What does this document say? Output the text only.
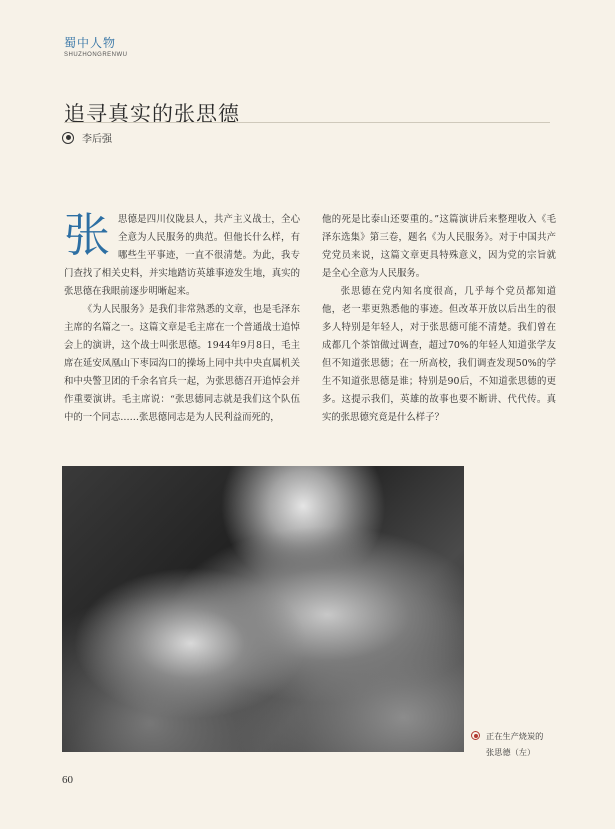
蜀中人物
SHUZHONGRENWU
追寻真实的张思德
李后强

张思德是四川仪陇县人，共产主义战士，全心全意为人民服务的典范。但他长什么样，有哪些生平事迹，一直不很清楚。为此，我专门查找了相关史料，并实地踏访英雄事迹发生地，真实的张思德在我眼前逐步明晰起来。

《为人民服务》是我们非常熟悉的文章，也是毛泽东主席的名篇之一。这篇文章是毛主席在一个普通战士追悼会上的演讲，这个战士叫张思德。1944年9月8日，毛主席在延安凤凰山下枣园沟口的操场上同中共中央直属机关和中央警卫团的千余名官兵一起，为张思德召开追悼会并作重要演讲。毛主席说：“张思德同志就是我们这个队伍中的一个同志……张思德同志是为人民利益而死的，

他的死是比泰山还要重的。”这篇演讲后来整理收入《毛泽东选集》第三卷，题名《为人民服务》。对于中国共产党党员来说，这篇文章更具特殊意义，因为党的宗旨就是全心全意为人民服务。

张思德在党内知名度很高，几乎每个党员都知道他，老一辈更熟悉他的事迹。但改革开放以后出生的很多人特别是年轻人，对于张思德可能不清楚。我们曾在成都几个茶馆做过调查，超过70%的年轻人知道张学友但不知道张思德；在一所高校，我们调查发现50%的学生不知道张思德是谁；特别是90后，不知道张思德的更多。这提示我们，英雄的故事也要不断讲、代代传。真实的张思德究竟是什么样子？

正在生产烧炭的
张思德（左）
60
